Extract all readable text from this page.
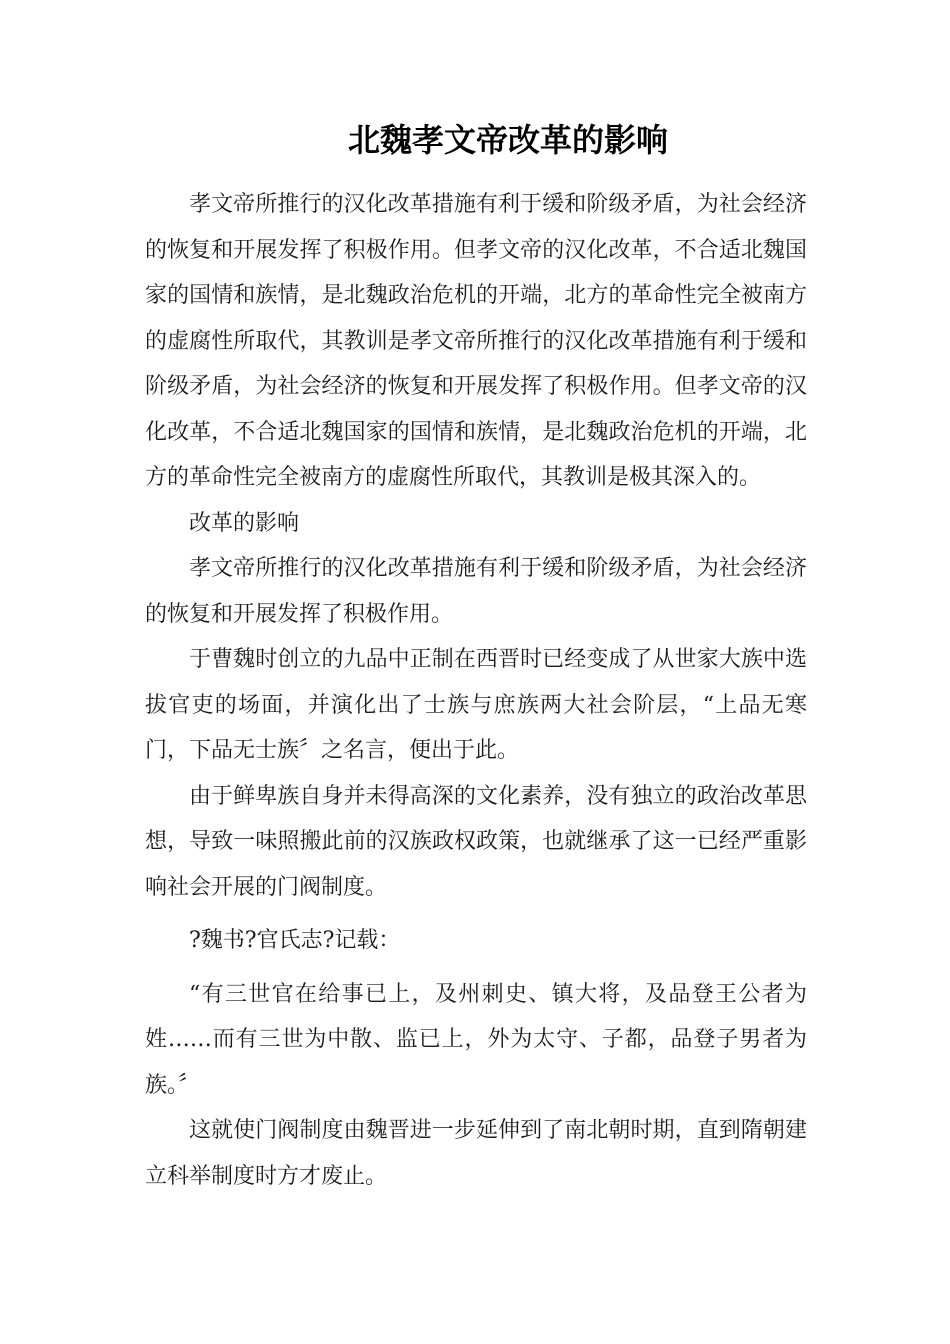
北魏孝文帝改革的影响

孝文帝所推行的汉化改革措施有利于缓和阶级矛盾，为社会经济的恢复和开展发挥了积极作用。但孝文帝的汉化改革，不合适北魏国家的国情和族情，是北魏政治危机的开端，北方的革命性完全被南方的虚腐性所取代，其教训是孝文帝所推行的汉化改革措施有利于缓和阶级矛盾，为社会经济的恢复和开展发挥了积极作用。但孝文帝的汉化改革，不合适北魏国家的国情和族情，是北魏政治危机的开端，北方的革命性完全被南方的虚腐性所取代，其教训是极其深入的。

改革的影响

孝文帝所推行的汉化改革措施有利于缓和阶级矛盾，为社会经济的恢复和开展发挥了积极作用。

于曹魏时创立的九品中正制在西晋时已经变成了从世家大族中选拔官吏的场面，并演化出了士族与庶族两大社会阶层，“上品无寒门，下品无士族〞之名言，便出于此。

由于鲜卑族自身并未得高深的文化素养，没有独立的政治改革思想，导致一味照搬此前的汉族政权政策，也就继承了这一已经严重影响社会开展的门阀制度。

?魏书?官氏志?记载：

“有三世官在给事已上，及州刺史、镇大将，及品登王公者为姓……而有三世为中散、监已上，外为太守、子都，品登子男者为族。〞

这就使门阀制度由魏晋进一步延伸到了南北朝时期，直到隋朝建立科举制度时方才废止。
